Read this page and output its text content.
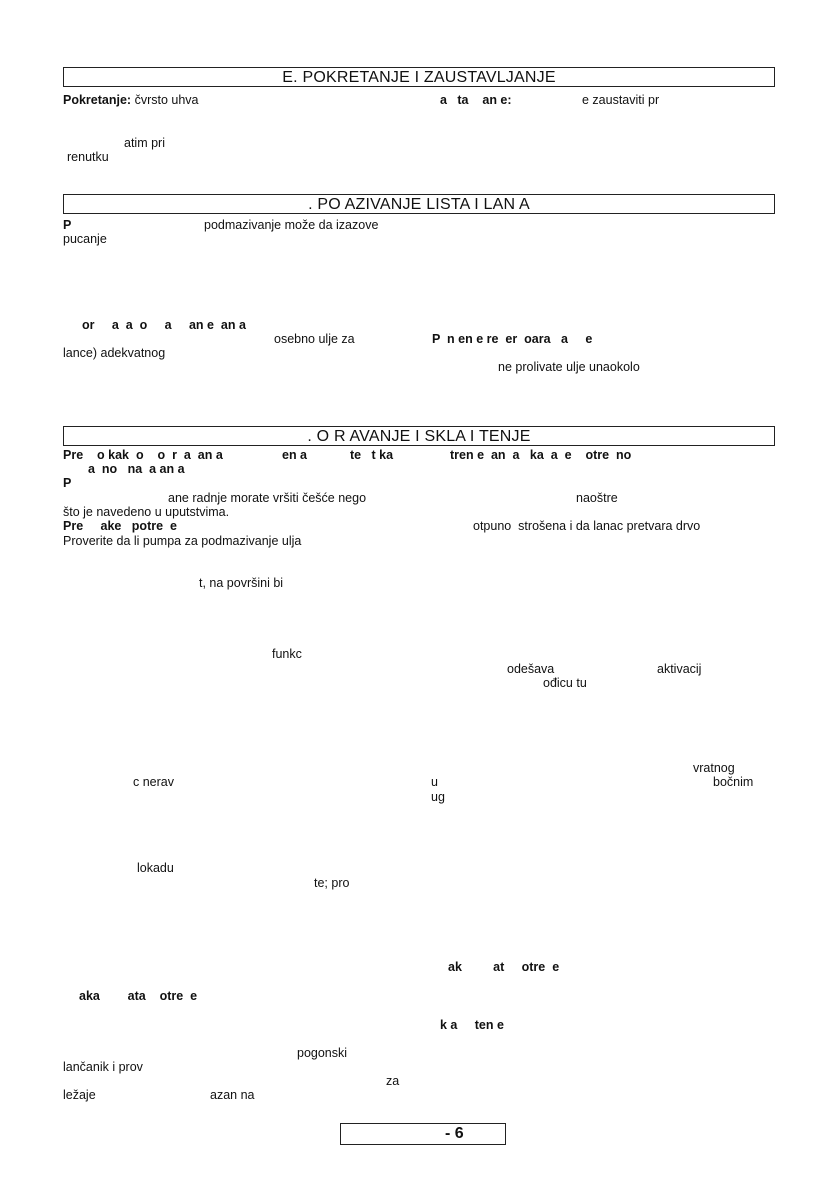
E. POKRETANJE I ZAUSTAVLJANJE
Pokretanje: čvrsto uhva	a   ta    an e:	e zaustaviti pr
atim pri
renutku
. PO AZIVANJE LISTA I LAN A
P	podmazivanje može da izazove
pucanje
or     a  a  o     a     an e  an a
osebno ulje za	P  n en e re  er  oara   a     e
lance) adekvatnog
ne prolivate ulje unaokolo
. O R AVANJE I SKLA I TENJE
Pre    o kak  o    o  r  a  an a	en a	te   t ka	tren e  an  a   ka  a  e    otre  no
a  no   na  a an a
P
ane radnje morate vršiti češće nego	naoštre
što je navedeno u uputstvima.
Pre     ake   potre  e	otpuno  strošena i da lanac pretvara drvo
Proverite da li pumpa za podmazivanje ulja
t, na površini bi
funkc
odešava	aktivacij
ođicu tu
vratnog
c nerav	u	bočnim
ug
lokadu
te; pro
ak         at     otre  e
aka        ata    otre  e
k a     ten e
pogonski
lančanik i prov
za
ležaje	azan na
- 6
